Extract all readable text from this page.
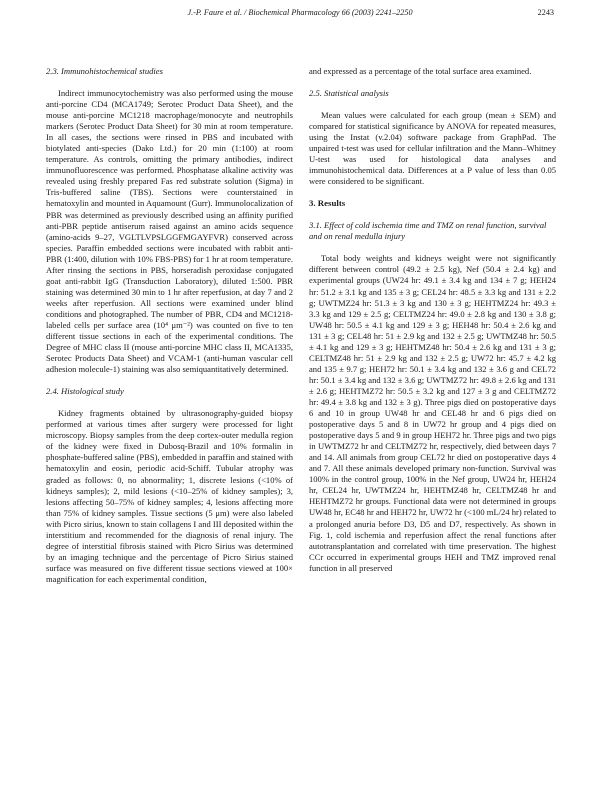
J.-P. Faure et al. / Biochemical Pharmacology 66 (2003) 2241–2250	2243
2.3. Immunohistochemical studies

Indirect immunocytochemistry was also performed using the mouse anti-porcine CD4 (MCA1749; Serotec Product Data Sheet), and the mouse anti-porcine MC1218 macrophage/monocyte and neutrophils markers (Serotec Product Data Sheet) for 30 min at room temperature. In all cases, the sections were rinsed in PBS and incubated with biotylated anti-species (Dako Ltd.) for 20 min (1:100) at room temperature. As controls, omitting the primary antibodies, indirect immunofluorescence was performed. Phosphatase alkaline activity was revealed using freshly prepared Fas red substrate solution (Sigma) in Tris-buffered saline (TBS). Sections were counterstained in hematoxylin and mounted in Aquamount (Gurr). Immunolocalization of PBR was determined as previously described using an affinity purified anti-PBR peptide antiserum raised against an amino acids sequence (amino-acids 9–27, VGLTLVPSLGGFMGAYFVR) conserved across species. Paraffin embedded sections were incubated with rabbit anti-PBR (1:400, dilution with 10% FBS-PBS) for 1 hr at room temperature. After rinsing the sections in PBS, horseradish peroxidase conjugated goat anti-rabbit IgG (Transduction Laboratory), diluted 1:500. PBR staining was determined 30 min to 1 hr after reperfusion, at day 7 and 2 weeks after reperfusion. All sections were examined under blind conditions and photographed. The number of PBR, CD4 and MC1218-labeled cells per surface area (10⁴ μm⁻²) was counted on five to ten different tissue sections in each of the experimental conditions. The Degree of MHC class II (mouse anti-porcine MHC class II, MCA1335, Serotec Products Data Sheet) and VCAM-1 (anti-human vascular cell adhesion molecule-1) staining was also semiquantitatively determined.

2.4. Histological study

Kidney fragments obtained by ultrasonography-guided biopsy performed at various times after surgery were processed for light microscopy. Biopsy samples from the deep cortex-outer medulla region of the kidney were fixed in Dubosq-Brazil and 10% formalin in phosphate-buffered saline (PBS), embedded in paraffin and stained with hematoxylin and eosin, periodic acid-Schiff. Tubular atrophy was graded as follows: 0, no abnormality; 1, discrete lesions (<10% of kidneys samples); 2, mild lesions (<10–25% of kidney samples); 3, lesions affecting 50–75% of kidney samples; 4, lesions affecting more than 75% of kidney samples. Tissue sections (5 μm) were also labeled with Picro sirius, known to stain collagens I and III deposited within the interstitium and recommended for the diagnosis of renal injury. The degree of interstitial fibrosis stained with Picro Sirius was determined by an imaging technique and the percentage of Picro Sirius stained surface was measured on five different tissue sections viewed at 100× magnification for each experimental condition,

and expressed as a percentage of the total surface area examined.

2.5. Statistical analysis

Mean values were calculated for each group (mean ± SEM) and compared for statistical significance by ANOVA for repeated measures, using the Instat (v.2.04) software package from GraphPad. The unpaired t-test was used for cellular infiltration and the Mann–Whitney U-test was used for histological data analyses and immunohistochemical data. Differences at a P value of less than 0.05 were considered to be significant.

3. Results
3.1. Effect of cold ischemia time and TMZ on renal function, survival and on renal medulla injury

Total body weights and kidneys weight were not significantly different between control (49.2 ± 2.5 kg), Nef (50.4 ± 2.4 kg) and experimental groups (UW24 hr: 49.1 ± 3.4 kg and 134 ± 7 g; HEH24 hr: 51.2 ± 3.1 kg and 135 ± 3 g; CEL24 hr: 48.5 ± 3.3 kg and 131 ± 2.2 g; UWTMZ24 hr: 51.3 ± 3 kg and 130 ± 3 g; HEHTMZ24 hr: 49.3 ± 3.3 kg and 129 ± 2.5 g; CELTMZ24 hr: 49.0 ± 2.8 kg and 130 ± 3.8 g; UW48 hr: 50.5 ± 4.1 kg and 129 ± 3 g; HEH48 hr: 50.4 ± 2.6 kg and 131 ± 3 g; CEL48 hr: 51 ± 2.9 kg and 132 ± 2.5 g; UWTMZ48 hr: 50.5 ± 4.1 kg and 129 ± 3 g; HEHTMZ48 hr: 50.4 ± 2.6 kg and 131 ± 3 g; CELTMZ48 hr: 51 ± 2.9 kg and 132 ± 2.5 g; UW72 hr: 45.7 ± 4.2 kg and 135 ± 9.7 g; HEH72 hr: 50.1 ± 3.4 kg and 132 ± 3.6 g and CEL72 hr: 50.1 ± 3.4 kg and 132 ± 3.6 g; UWTMZ72 hr: 49.8 ± 2.6 kg and 131 ± 2.6 g; HEHTMZ72 hr: 50.5 ± 3.2 kg and 127 ± 3 g and CELTMZ72 hr: 49.4 ± 3.8 kg and 132 ± 3 g). Three pigs died on postoperative days 6 and 10 in group UW48 hr and CEL48 hr and 6 pigs died on postoperative days 5 and 8 in UW72 hr group and 4 pigs died on postoperative days 5 and 9 in group HEH72 hr. Three pigs and two pigs in UWTMZ72 hr and CELTMZ72 hr, respectively, died between days 7 and 14. All animals from group CEL72 hr died on postoperative days 4 and 7. All these animals developed primary non-function. Survival was 100% in the control group, 100% in the Nef group, UW24 hr, HEH24 hr, CEL24 hr, UWTMZ24 hr, HEHTMZ48 hr, CELTMZ48 hr and HEHTMZ72 hr groups. Functional data were not determined in groups UW48 hr, EC48 hr and HEH72 hr, UW72 hr (<100 mL/24 hr) related to a prolonged anuria before D3, D5 and D7, respectively. As shown in Fig. 1, cold ischemia and reperfusion affect the renal functions after autotransplantation and correlated with time preservation. The highest CCr occurred in experimental groups HEH and TMZ improved renal function in all preserved
